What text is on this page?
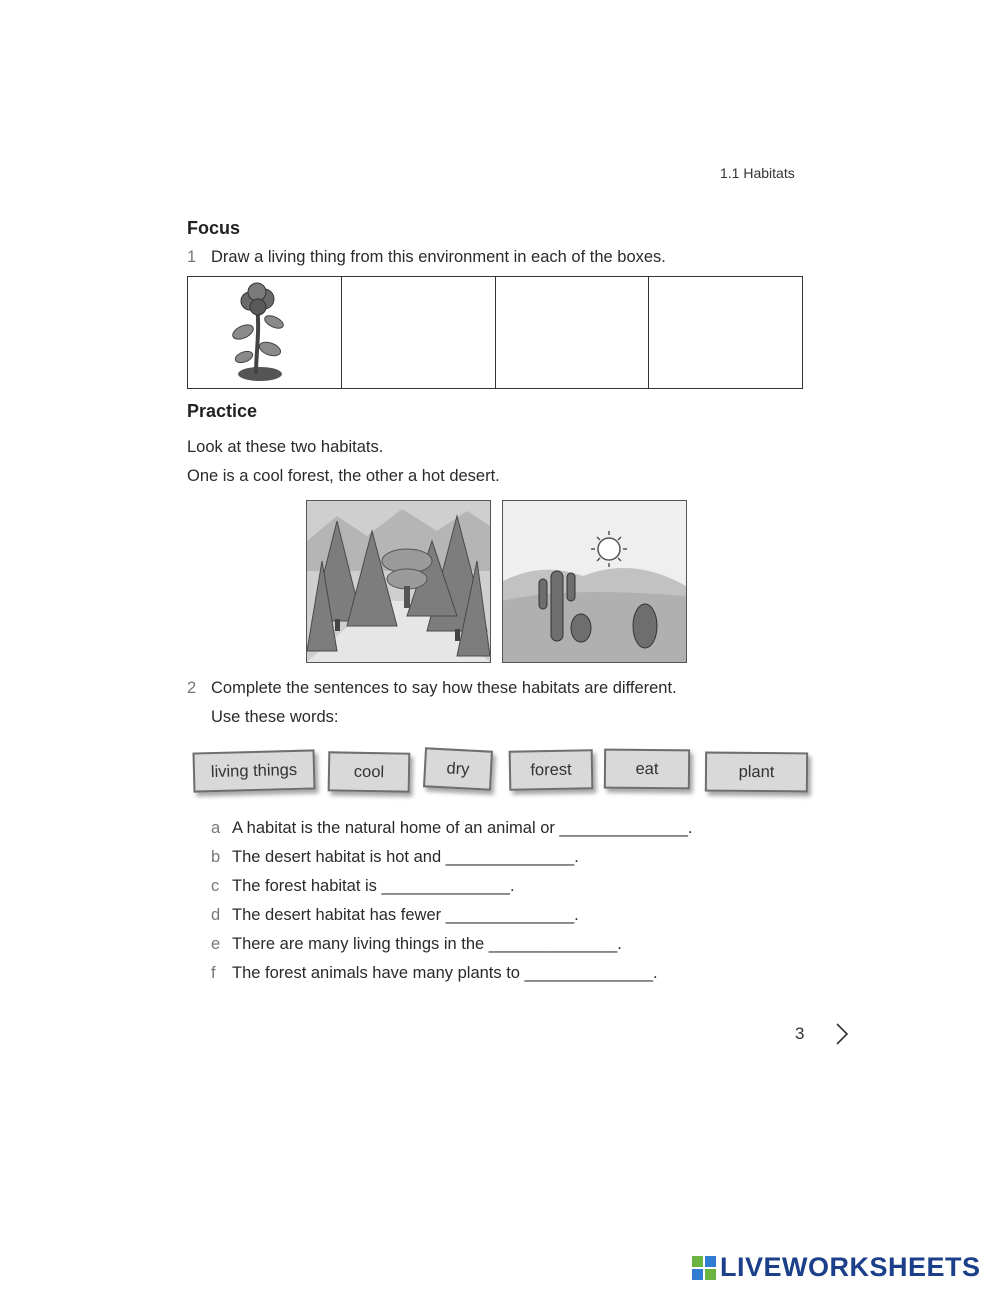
1.1 Habitats
Focus
1 Draw a living thing from this environment in each of the boxes.
Practice
Look at these two habitats.
One is a cool forest, the other a hot desert.
2 Complete the sentences to say how these habitats are different.
Use these words:
living things	cool	dry	forest	eat	plant
a A habitat is the natural home of an animal or ______________.
b The desert habitat is hot and ______________.
c The forest habitat is ______________.
d The desert habitat has fewer ______________.
e There are many living things in the ______________.
f The forest animals have many plants to ______________.
3
LIVEWORKSHEETS
